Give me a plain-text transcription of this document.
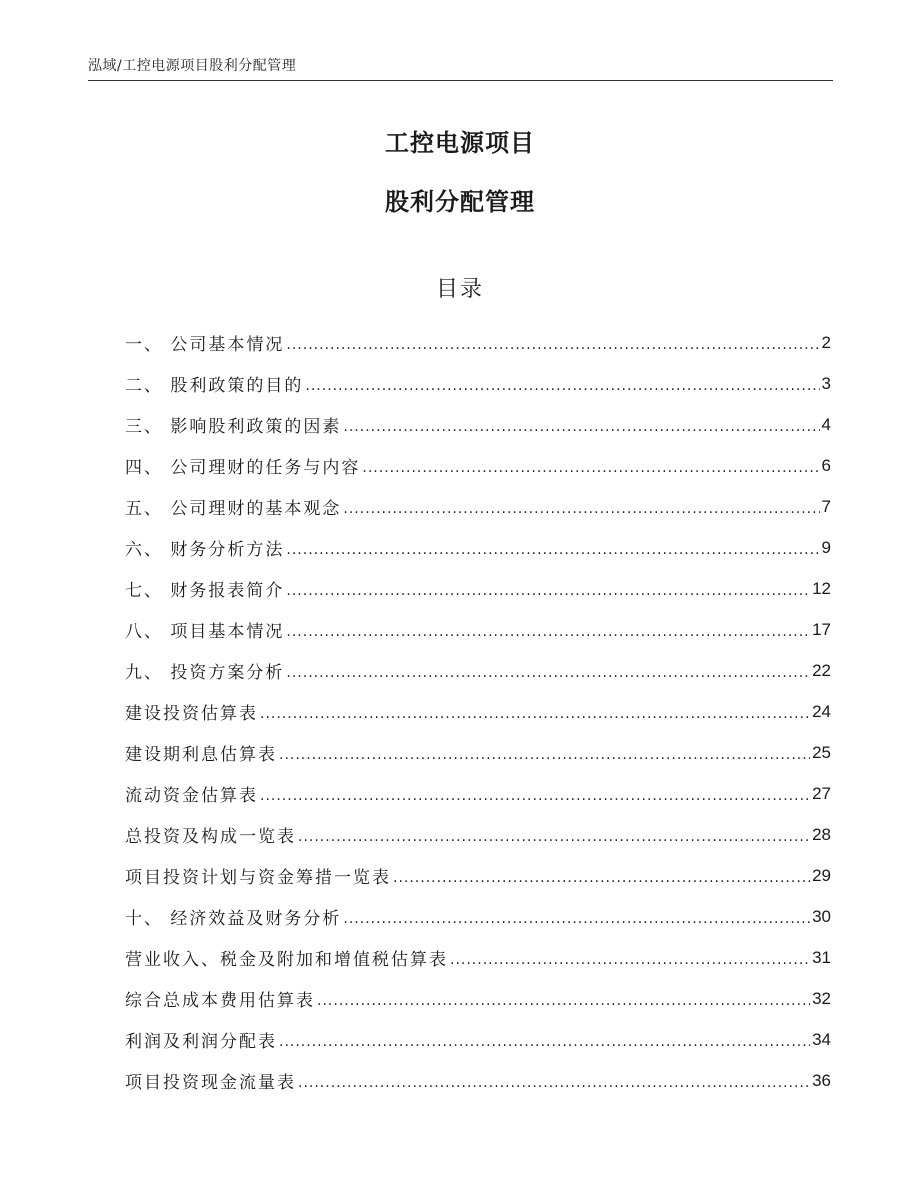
泓域/工控电源项目股利分配管理
工控电源项目
股利分配管理
目录
一、 公司基本情况 .....	2
二、 股利政策的目的 .....	3
三、 影响股利政策的因素 .....	4
四、 公司理财的任务与内容 .....	6
五、 公司理财的基本观念 .....	7
六、 财务分析方法 .....	9
七、 财务报表简介 .....	12
八、 项目基本情况 .....	17
九、 投资方案分析 .....	22
建设投资估算表 .....	24
建设期利息估算表 .....	25
流动资金估算表 .....	27
总投资及构成一览表 .....	28
项目投资计划与资金筹措一览表 .....	29
十、 经济效益及财务分析 .....	30
营业收入、税金及附加和增值税估算表 .....	31
综合总成本费用估算表 .....	32
利润及利润分配表 .....	34
项目投资现金流量表 .....	36
